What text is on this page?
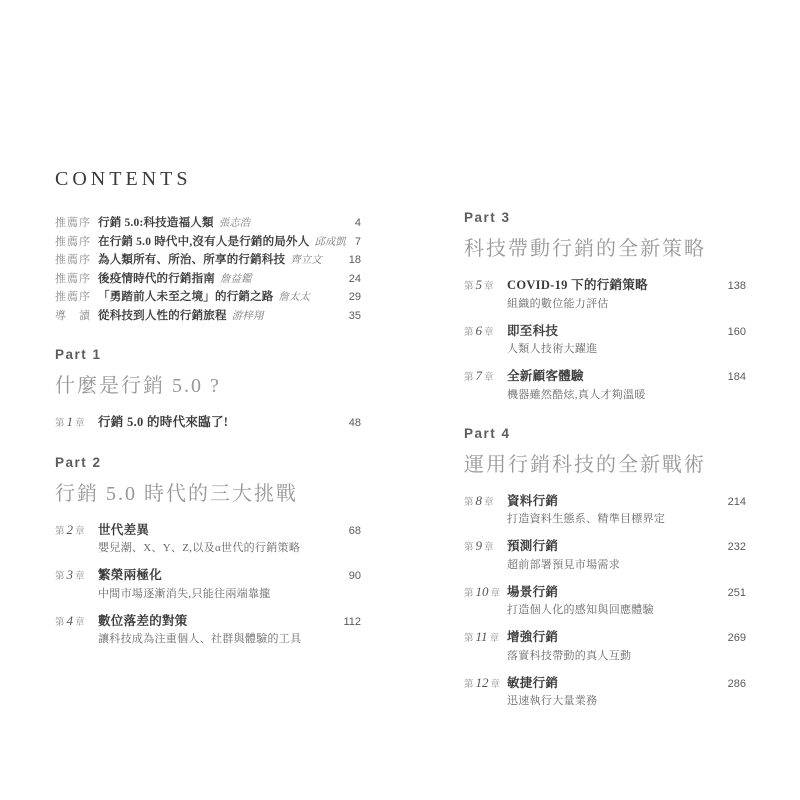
CONTENTS
推薦序 行銷 5.0:科技造福人類 張志浩	4
推薦序 在行銷 5.0 時代中,沒有人是行銷的局外人 邱成凱 7
推薦序 為人類所有、所治、所享的行銷科技 齊立文	18
推薦序 後疫情時代的行銷指南 詹益鑑	24
推薦序 「勇踏前人未至之境」的行銷之路 詹太太	29
導　讀 從科技到人性的行銷旅程 游梓翔	35
Part 1
什麼是行銷 5.0 ?
第 1 章	行銷 5.0 的時代來臨了!	48
Part 2
行銷 5.0 時代的三大挑戰
第 2 章	世代差異	68
嬰兒潮、X、Y、Z,以及α世代的行銷策略
第 3 章	繁榮兩極化	90
中間市場逐漸消失,只能往兩端靠攏
第 4 章	數位落差的對策	112
讓科技成為注重個人、社群與體驗的工具
Part 3
科技帶動行銷的全新策略
第 5 章	COVID-19 下的行銷策略	138
組織的數位能力評估
第 6 章	即至科技	160
人類人技術大躍進
第 7 章	全新顧客體驗	184
機器雖然酷炫,真人才夠溫暖
Part 4
運用行銷科技的全新戰術
第 8 章	資料行銷	214
打造資料生態系、精準目標界定
第 9 章	預測行銷	232
超前部署預見市場需求
第 10 章 場景行銷	251
打造個人化的感知與回應體驗
第 11 章 增強行銷	269
落實科技帶動的真人互動
第 12 章 敏捷行銷	286
迅速執行大量業務
